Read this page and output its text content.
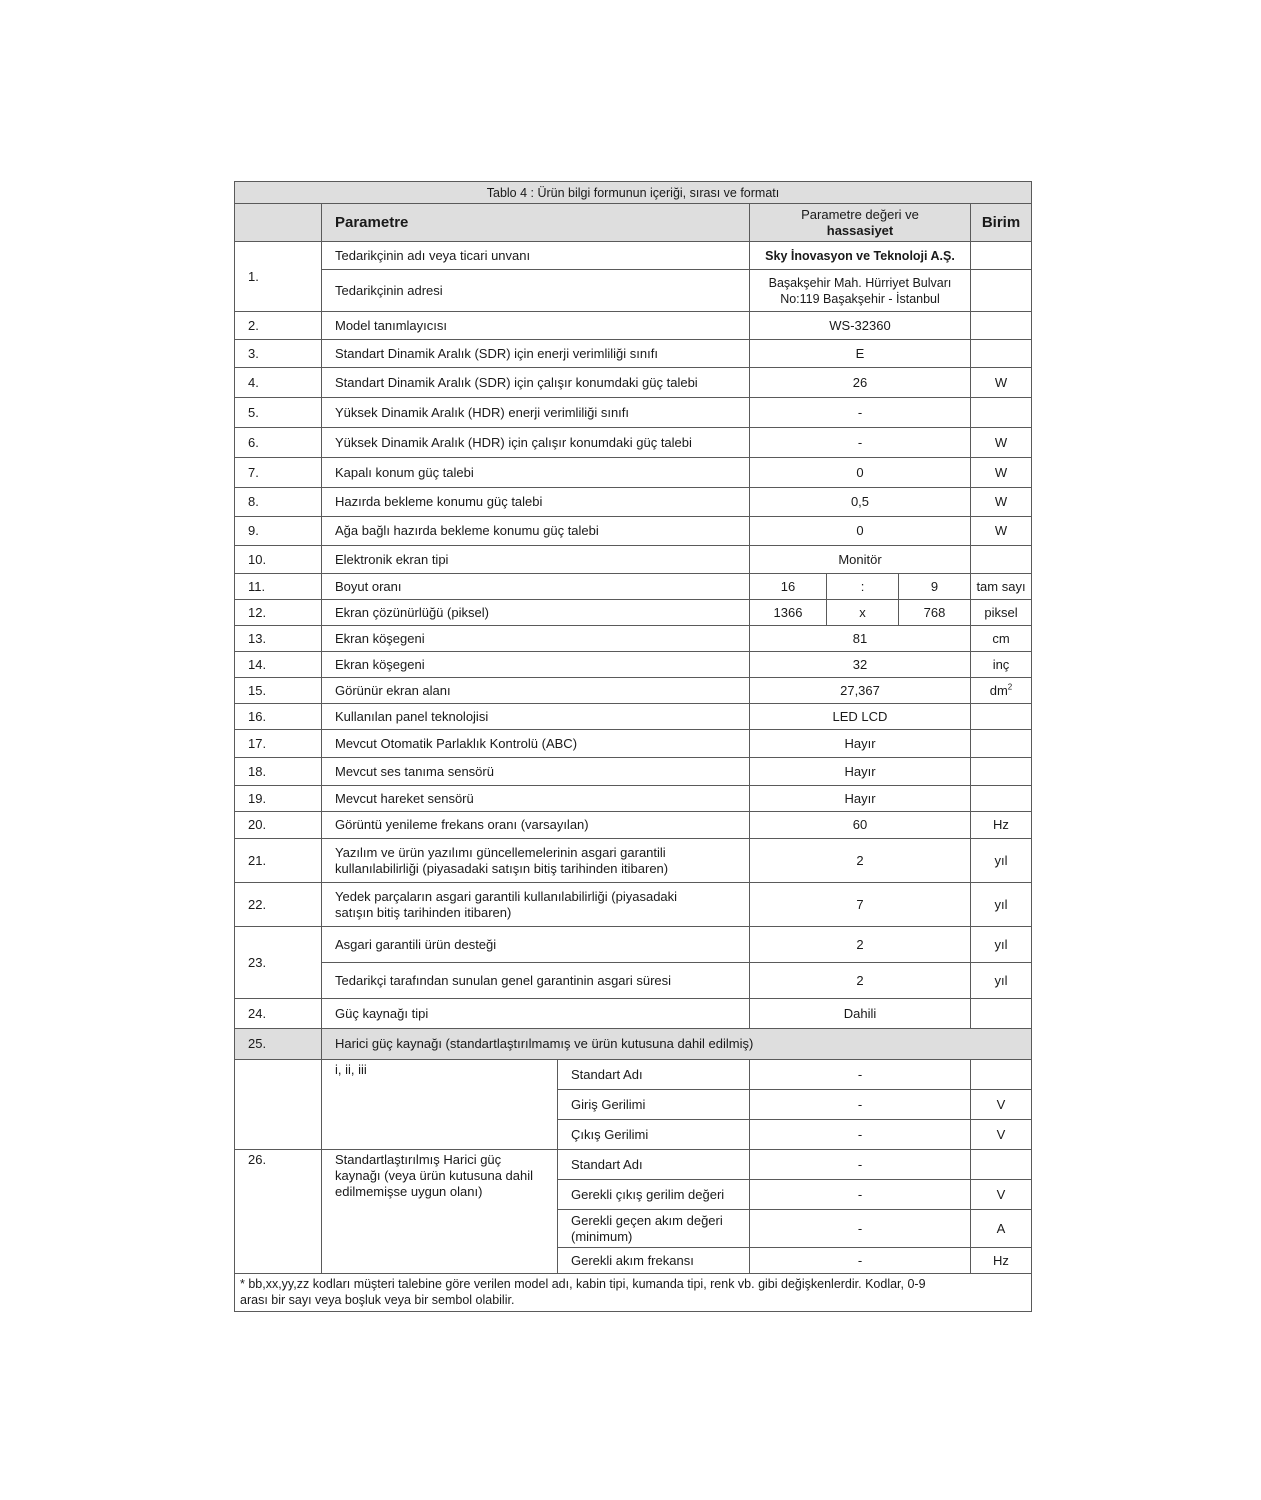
Tablo 4 : Ürün bilgi formunun içeriği, sırası ve formatı						
	Parametre		Parametre değeri ve
hassasiyet			Birim
1.	Tedarikçinin adı veya ticari unvanı		Sky İnovasyon ve Teknoloji A.Ş.			
	Tedarikçinin adresi		Başakşehir Mah. Hürriyet Bulvarı
No:119 Başakşehir - İstanbul			

2.	Model tanımlayıcısı		WS-32360			
3.	Standart Dinamik Aralık (SDR) için enerji verimliliği sınıfı		E			
4.	Standart Dinamik Aralık (SDR) için çalışır konumdaki güç talebi		26			W
5.	Yüksek Dinamik Aralık (HDR) enerji verimliliği sınıfı		-			
6.	Yüksek Dinamik Aralık (HDR) için çalışır konumdaki güç talebi		-			W
7.	Kapalı konum güç talebi		0			W
8.	Hazırda bekleme konumu güç talebi		0,5			W
9.	Ağa bağlı hazırda bekleme konumu güç talebi		0			W
10.	Elektronik ekran tipi		Monitör			
11.	Boyut oranı		16	:	9	tam sayı
12.	Ekran çözünürlüğü (piksel)		1366	x	768	piksel
13.	Ekran köşegeni		81			cm
14.	Ekran köşegeni		32			inç
15.	Görünür ekran alanı		27,367			$dm^2$
16.	Kullanılan panel teknolojisi		LED LCD			
17.	Mevcut Otomatik Parlaklık Kontrolü (ABC)		Hayır			
18.	Mevcut ses tanıma sensörü		Hayır			
19.	Mevcut hareket sensörü		Hayır			
20.	Görüntü yenileme frekans oranı (varsayılan)		60			Hz
21.	Yazılım ve ürün yazılımı güncellemelerinin asgari garantili
kullanılabilirliği (piyasadaki satışın bitiş tarihinden itibaren)		2			yıl
22.	Yedek parçaların asgari garantili kullanılabilirliği (piyasadaki
satışın bitiş tarihinden itibaren)		7			yıl
23.	Asgari garantili ürün desteği		2			yıl
	Tedarikçi tarafından sunulan genel garantinin asgari süresi		2			yıl
24.	Güç kaynağı tipi		Dahili			
25.	Harici güç kaynağı (standartlaştırılmamış ve ürün kutusuna dahil edilmiş)					
	i, ii, iii	Standart Adı	-			
		Giriş Gerilimi	-			V
		Çıkış Gerilimi	-			V
26.	Standartlaştırılmış Harici güç
kaynağı (veya ürün kutusuna dahil
edilmemişse uygun olanı)	Standart Adı	-			
		Gerekli çıkış gerilim değeri	-			V

		Gerekli geçen akım değeri
(minimum)	-			A
		Gerekli akım frekansı	-			Hz

* bb,xx,yy,zz kodları müşteri talebine göre verilen model adı, kabin tipi, kumanda tipi, renk vb. gibi değişkenlerdir. Kodlar, 0-9
arası bir sayı veya boşluk veya bir sembol olabilir.						
